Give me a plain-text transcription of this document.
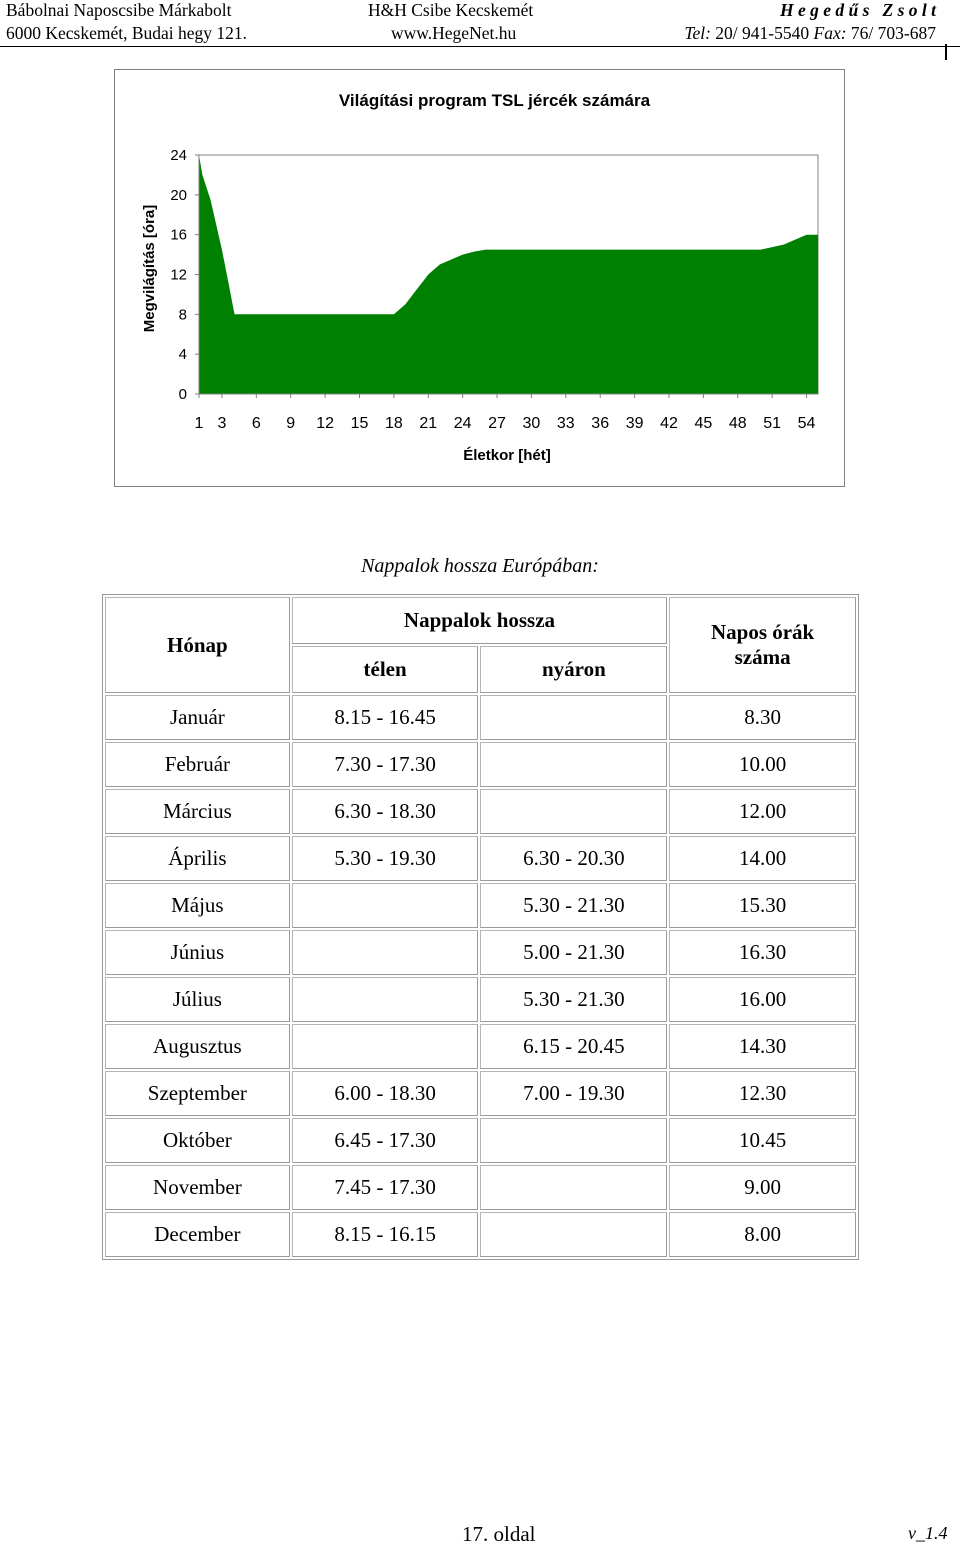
Bábolnai Naposcsibe Márkabolt	H&H Csibe Kecskemét	H e g e d ű s   Z s o l t
6000 Kecskemét, Budai hegy 121.	www.HegeNet.hu	Tel: 20/ 941-5540 Fax: 76/ 703-687
0
4
8
12
16
20
24
1 3 6 9 12 15 18 21 24 27 30 33 36 39 42 45 48 51 54
Világítási program TSL jércék számára
Életkor [hét]
Megvilágítás [óra]
Nappalok hossza Európában:
Hónap	Nappalok hossza		Napos órák
száma
	télen	nyáron	
Január	8.15 - 16.45		8.30
Február	7.30 - 17.30		10.00
Március	6.30 - 18.30		12.00
Április	5.30 - 19.30	6.30 - 20.30	14.00
Május		5.30 - 21.30	15.30
Június		5.00 - 21.30	16.30
Július		5.30 - 21.30	16.00
Augusztus		6.15 - 20.45	14.30
Szeptember	6.00 - 18.30	7.00 - 19.30	12.30
Október	6.45 - 17.30		10.45
November	7.45 - 17.30		9.00
December	8.15 - 16.15		8.00
17. oldal	v_1.4
